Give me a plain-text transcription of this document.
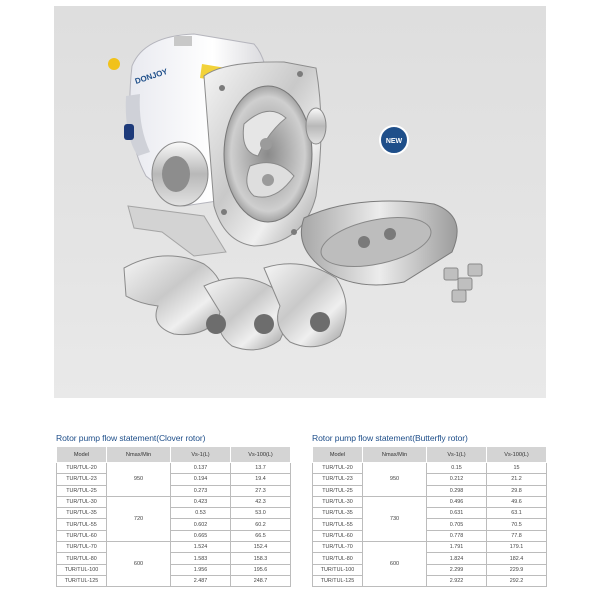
DONJOY
NEW
Rotor pump flow statement(Clover rotor)
Model	Nmax/Min	Vs-1(L)	Vs-100(L)
TUR/TUL-20	950	0.137	13.7
TUR/TUL-23		0.194	19.4
TUR/TUL-25		0.273	27.3
TUR/TUL-30	720	0.423	42.3
TUR/TUL-35		0.53	53.0
TUR/TUL-55		0.602	60.2
TUR/TUL-60		0.665	66.5
TUR/TUL-70	600	1.524	152.4
TUR/TUL-80		1.583	158.3
TUR/TUL-100		1.956	195.6
TUR/TUL-125		2.487	248.7
Rotor pump flow statement(Butterfly rotor)
Model	Nmax/Min	Vs-1(L)	Vs-100(L)
TUR/TUL-20	950	0.15	15
TUR/TUL-23		0.212	21.2
TUR/TUL-25		0.298	29.8
TUR/TUL-30	730	0.496	49.6
TUR/TUL-35		0.631	63.1
TUR/TUL-55		0.705	70.5
TUR/TUL-60		0.778	77.8
TUR/TUL-70	600	1.791	179.1
TUR/TUL-80		1.824	182.4
TUR/TUL-100		2.299	229.9
TUR/TUL-125		2.922	292.2
